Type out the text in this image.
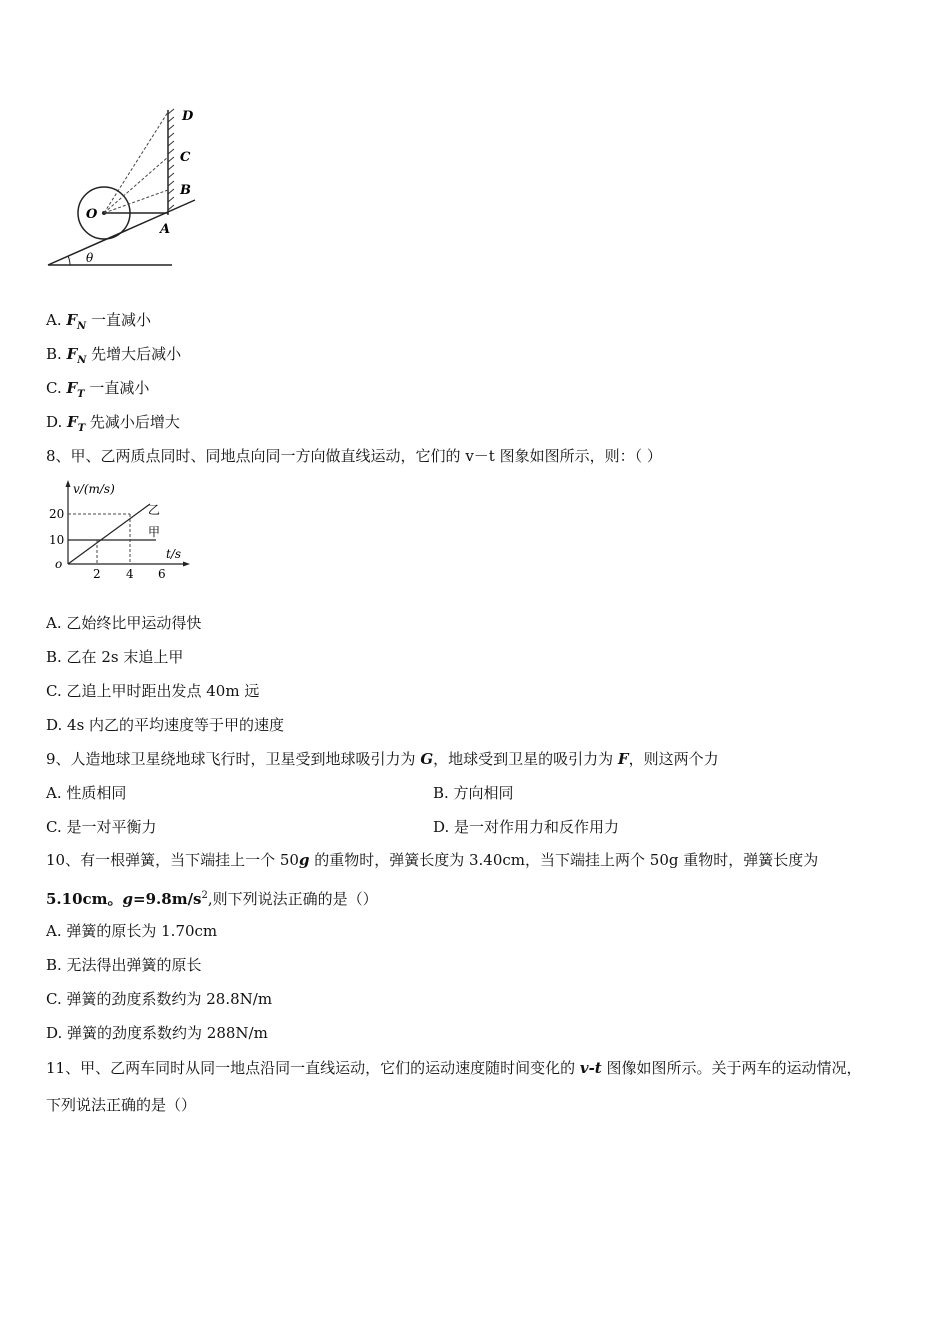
D
C
B
O
A
θ
A. $F_N$ 一直减小
B. $F_N$ 先增大后减小
C. $F_T$ 一直减小
D. $F_T$ 先减小后增大
8、甲、乙两质点同时、同地点向同一方向做直线运动，它们的 v－t 图象如图所示，则：（ ）
v/(m/s)
20
10
o
2 4 6
t/s
乙
甲
A. 乙始终比甲运动得快
B. 乙在 2s 末追上甲
C. 乙追上甲时距出发点 40m 远
D. 4s 内乙的平均速度等于甲的速度
9、人造地球卫星绕地球飞行时，卫星受到地球吸引力为 G，地球受到卫星的吸引力为 F，则这两个力
A. 性质相同	B. 方向相同
C. 是一对平衡力	D. 是一对作用力和反作用力
10、有一根弹簧，当下端挂上一个 50g 的重物时，弹簧长度为 3.40cm，当下端挂上两个 50g 重物时，弹簧长度为
5.10cm。$g=9.8m/s^2$,则下列说法正确的是（）
A. 弹簧的原长为 1.70cm
B. 无法得出弹簧的原长
C. 弹簧的劲度系数约为 28.8N/m
D. 弹簧的劲度系数约为 288N/m
11、甲、乙两车同时从同一地点沿同一直线运动，它们的运动速度随时间变化的 v-t 图像如图所示。关于两车的运动情况，
下列说法正确的是（）
